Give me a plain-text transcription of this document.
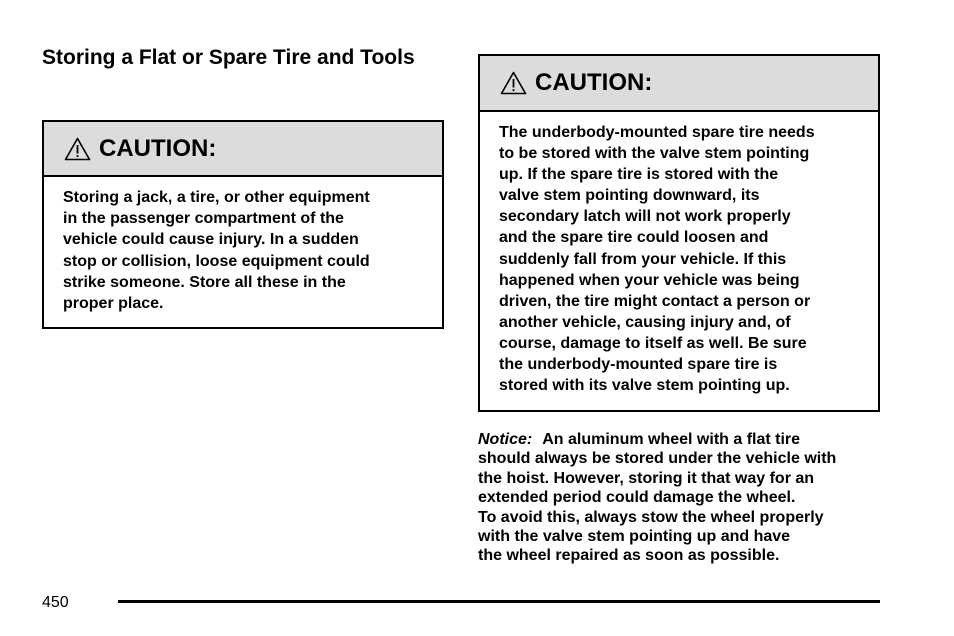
Storing a Flat or Spare Tire and Tools
CAUTION:

Storing a jack, a tire, or other equipment
in the passenger compartment of the
vehicle could cause injury. In a sudden
stop or collision, loose equipment could
strike someone. Store all these in the
proper place.

CAUTION:

The underbody-mounted spare tire needs
to be stored with the valve stem pointing
up. If the spare tire is stored with the
valve stem pointing downward, its
secondary latch will not work properly
and the spare tire could loosen and
suddenly fall from your vehicle. If this
happened when your vehicle was being
driven, the tire might contact a person or
another vehicle, causing injury and, of
course, damage to itself as well. Be sure
the underbody-mounted spare tire is
stored with its valve stem pointing up.

Notice: An aluminum wheel with a flat tire
should always be stored under the vehicle with
the hoist. However, storing it that way for an
extended period could damage the wheel.
To avoid this, always stow the wheel properly
with the valve stem pointing up and have
the wheel repaired as soon as possible.

450
